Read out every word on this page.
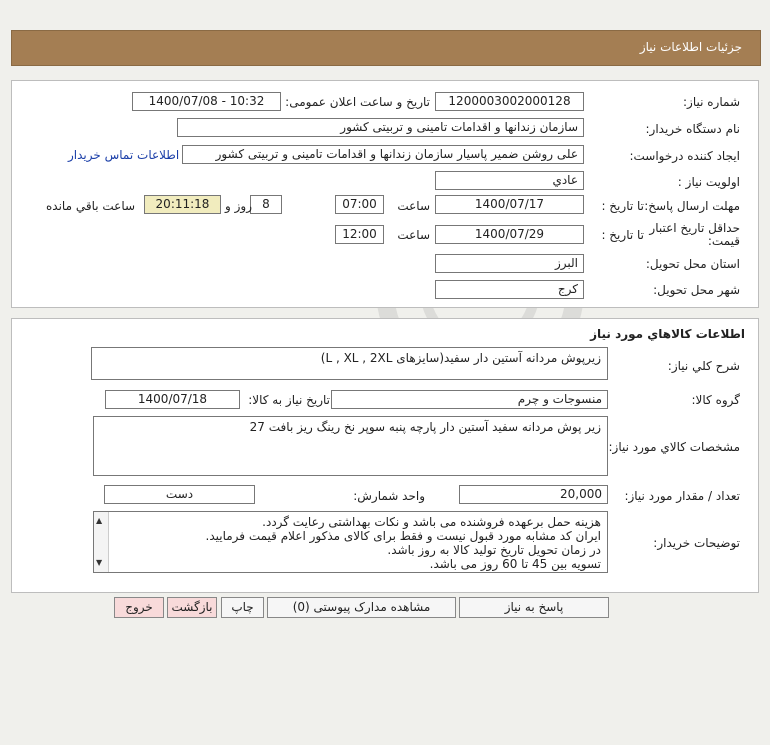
جزئیات اطلاعات نیاز
شماره نیاز:
1200003002000128
تاریخ و ساعت اعلان عمومی:
1400/07/08 - 10:32
نام دستگاه خریدار:
سازمان زندانها و اقدامات تامینی و تربیتی کشور
ایجاد کننده درخواست:
علی روشن ضمیر پاسیار سازمان زندانها و اقدامات تامینی و تربیتی کشور
اطلاعات تماس خریدار
اولویت نیاز :
عادي
مهلت ارسال پاسخ:
تا تاریخ :
1400/07/17
ساعت
07:00
8
روز و
20:11:18
ساعت باقي مانده
حداقل تاریخ اعتبار قیمت:
تا تاریخ :
1400/07/29
ساعت
12:00
استان محل تحویل:
البرز
شهر محل تحویل:
کرج
اطلاعات کالاهاي مورد نیاز
شرح کلي نیاز:
زیرپوش مردانه آستین دار سفید(سایزهای L , XL , 2XL)
گروه کالا:
منسوجات و چرم
تاریخ نیاز به کالا:
1400/07/18
مشخصات کالاي مورد نیاز:
زیر پوش مردانه سفید آستین دار پارچه پنبه سوپر نخ رینگ ریز بافت 27
تعداد / مقدار مورد نیاز:
20,000
واحد شمارش:
دست
توضیحات خریدار:
▲
▼
هزینه حمل برعهده فروشنده می باشد و نکات بهداشتی رعایت گردد.
ایران کد مشابه مورد قبول نیست و فقط برای کالای مذکور اعلام قیمت فرمایید.
در زمان تحویل تاریخ تولید کالا به روز باشد.
تسویه بین 45 تا 60 روز می باشد.
پاسخ به نیاز
مشاهده مدارک پیوستی (0)
چاپ
بازگشت
خروج
